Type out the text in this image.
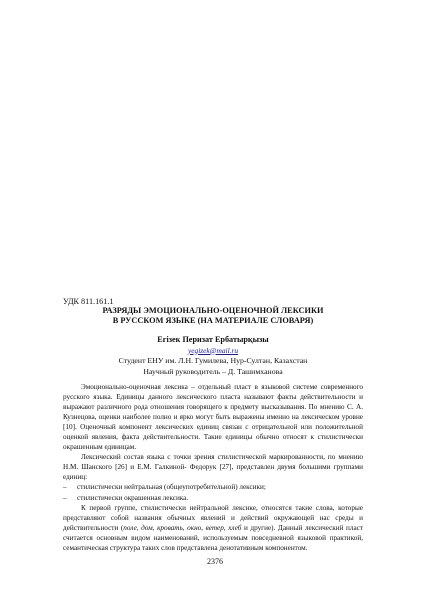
УДК 811.161.1
РАЗРЯДЫ ЭМОЦИОНАЛЬНО-ОЦЕНОЧНОЙ ЛЕКСИКИ
В РУССКОМ ЯЗЫКЕ (НА МАТЕРИАЛЕ СЛОВАРЯ)
Егізек Перизат Ербатырқызы
yegizek@mail.ru
Студент ЕНУ им. Л.Н. Гумилева, Нур-Султан, Казахстан
Научный руководитель – Д. Ташимханова

Эмоционально-оценочная лексика – отдельный пласт в языковой системе современного русского языка. Единицы данного лексического пласта называют факты действительности и выражают различного рода отношения говорящего к предмету высказывания. По мнению С. А. Кузнецова, оценки наиболее полно и ярко могут быть выражены именно на лексическом уровне [10]. Оценочный компонент лексических единиц связан с отрицательной или положительной оценкой явления, факта действительности. Такие единицы обычно относят к стилистически окрашенным единицам.

Лексический состав языка с точки зрения стилистической маркированности, по мнению Н.М. Шанского [26] и Е.М. Галкиной- Федорук [27], представлен двумя большими группами единиц:

– стилистически нейтральная (общеупотребительной) лексики;
– стилистически окрашенная лексика.

К первой группе, стилистически нейтральной лексике, относятся такие слова, которые представляют собой названия обычных явлений и действий окружающей нас среды и действительности (поле, дом, кровать, окно, ветер, хлеб и другие). Данный лексический пласт считается основным видом наименований, используемым повседневной языковой практикой, семантическая структура таких слов представлена денотативным компонентом.

2376
